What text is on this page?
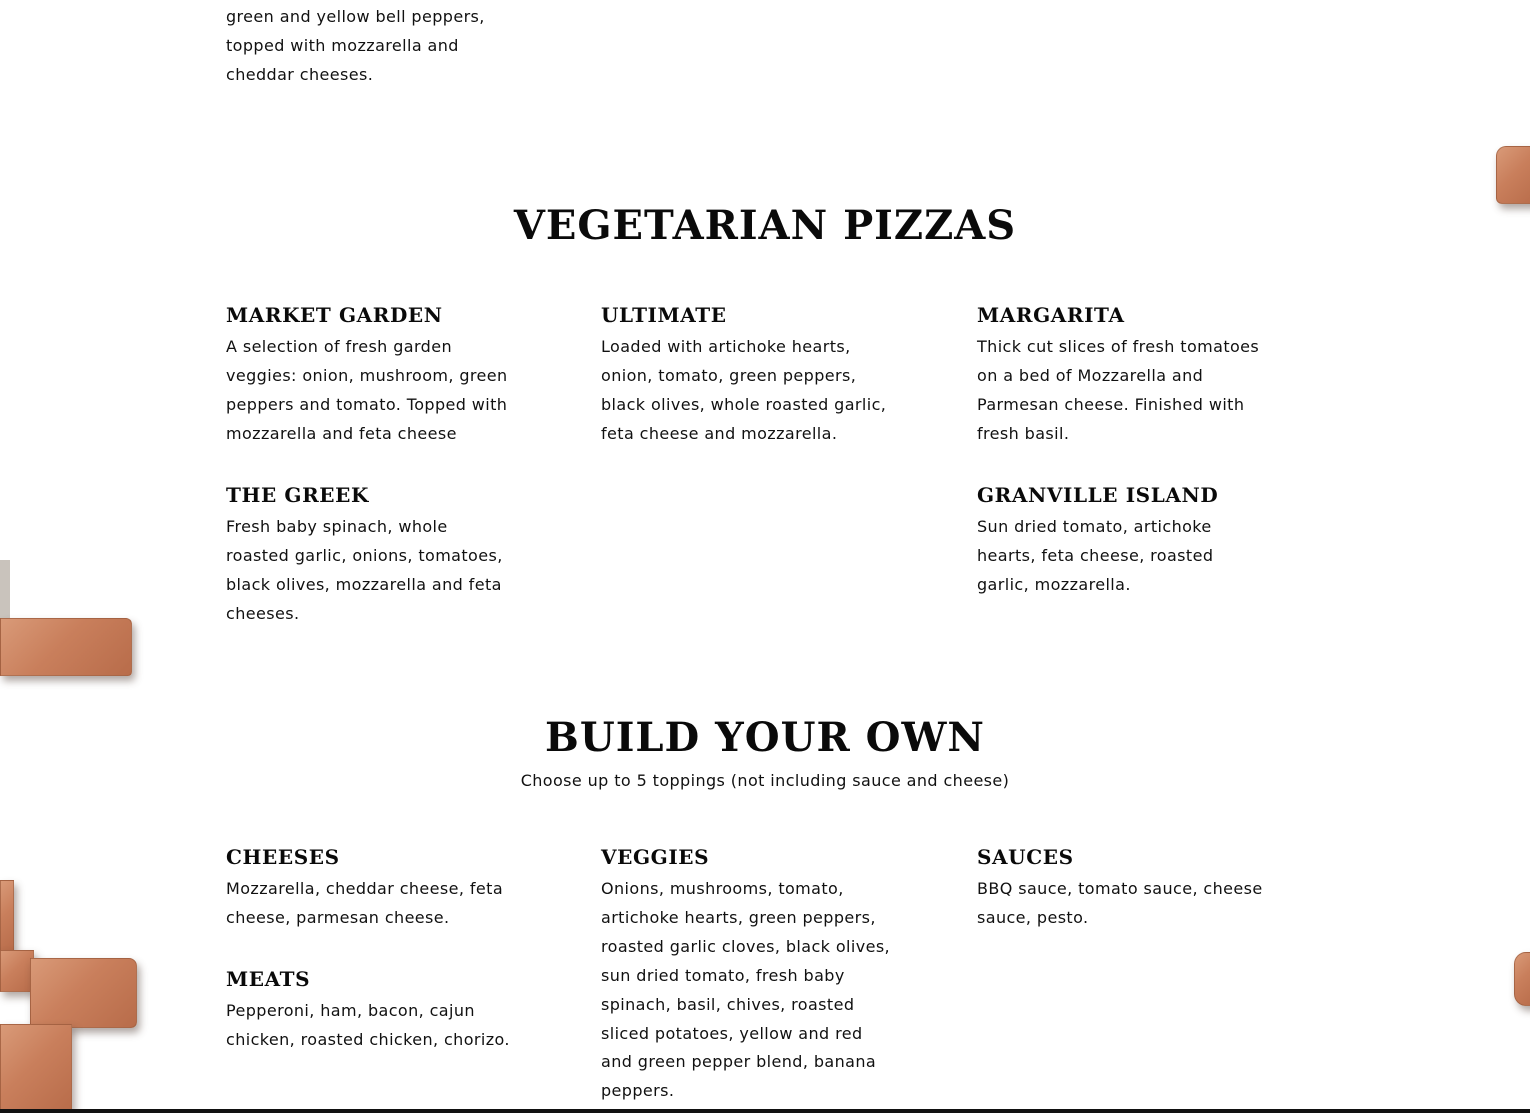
green and yellow bell peppers, topped with mozzarella and cheddar cheeses.

VEGETARIAN PIZZAS
MARKET GARDEN

A selection of fresh garden veggies: onion, mushroom, green peppers and tomato. Topped with mozzarella and feta cheese

ULTIMATE

Loaded with artichoke hearts, onion, tomato, green peppers, black olives, whole roasted garlic, feta cheese and mozzarella.

MARGARITA

Thick cut slices of fresh tomatoes on a bed of Mozzarella and Parmesan cheese. Finished with fresh basil.

THE GREEK

Fresh baby spinach, whole roasted garlic, onions, tomatoes, black olives, mozzarella and feta cheeses.

GRANVILLE ISLAND

Sun dried tomato, artichoke hearts, feta cheese, roasted garlic, mozzarella.

BUILD YOUR OWN
Choose up to 5 toppings (not including sauce and cheese)
CHEESES

Mozzarella, cheddar cheese, feta cheese, parmesan cheese.

VEGGIES

Onions, mushrooms, tomato, artichoke hearts, green peppers, roasted garlic cloves, black olives, sun dried tomato, fresh baby spinach, basil, chives, roasted sliced potatoes, yellow and red and green pepper blend, banana peppers.

SAUCES

BBQ sauce, tomato sauce, cheese sauce, pesto.

MEATS

Pepperoni, ham, bacon, cajun chicken, roasted chicken, chorizo.
